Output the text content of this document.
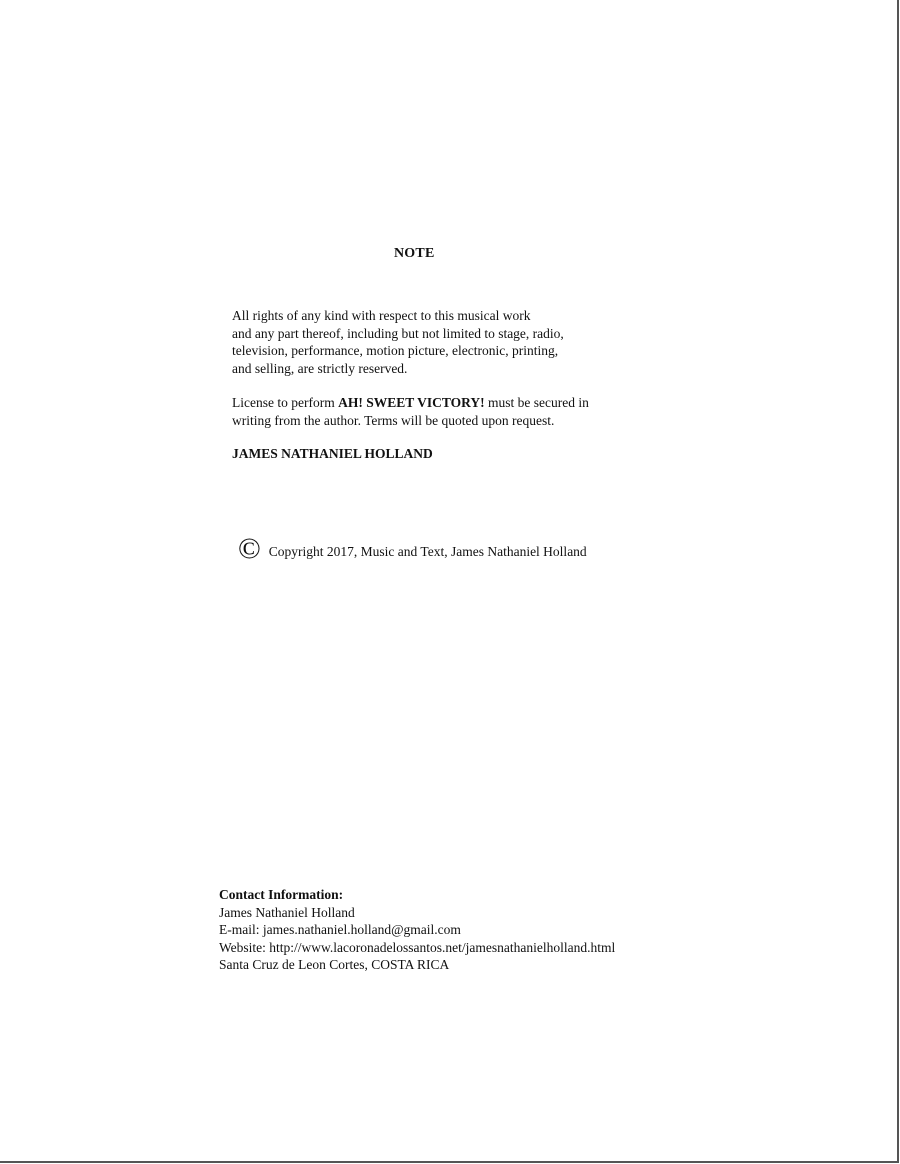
NOTE
All rights of any kind with respect to this musical work
and any part thereof, including but not limited to stage, radio,
television, performance, motion picture, electronic, printing,
and selling, are strictly reserved.
License to perform AH! SWEET VICTORY! must be secured in
writing from the author. Terms will be quoted upon request.
JAMES NATHANIEL HOLLAND
© Copyright 2017, Music and Text, James Nathaniel Holland
Contact Information:
James Nathaniel Holland
E-mail: james.nathaniel.holland@gmail.com
Website: http://www.lacoronadelossantos.net/jamesnathanielholland.html
Santa Cruz de Leon Cortes, COSTA RICA
